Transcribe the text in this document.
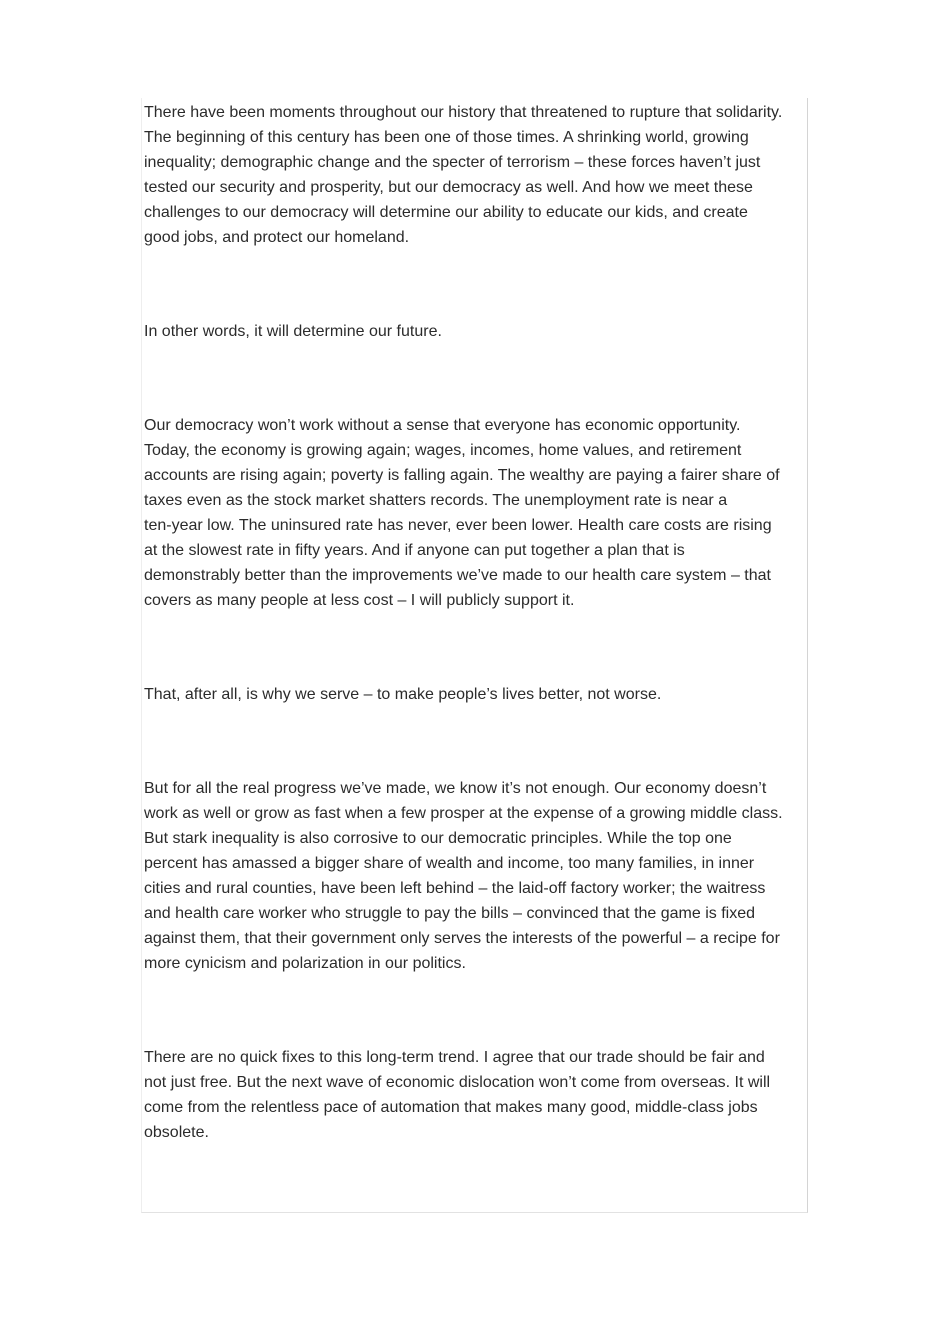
There have been moments throughout our history that threatened to rupture that solidarity.
The beginning of this century has been one of those times. A shrinking world, growing
inequality; demographic change and the specter of terrorism – these forces haven’t just
tested our security and prosperity, but our democracy as well. And how we meet these
challenges to our democracy will determine our ability to educate our kids, and create
good jobs, and protect our homeland.

In other words, it will determine our future.

Our democracy won’t work without a sense that everyone has economic opportunity.
Today, the economy is growing again; wages, incomes, home values, and retirement
accounts are rising again; poverty is falling again. The wealthy are paying a fairer share of
taxes even as the stock market shatters records. The unemployment rate is near a
ten-year low. The uninsured rate has never, ever been lower. Health care costs are rising
at the slowest rate in fifty years. And if anyone can put together a plan that is
demonstrably better than the improvements we’ve made to our health care system – that
covers as many people at less cost – I will publicly support it.

That, after all, is why we serve – to make people’s lives better, not worse.

But for all the real progress we’ve made, we know it’s not enough. Our economy doesn’t
work as well or grow as fast when a few prosper at the expense of a growing middle class.
But stark inequality is also corrosive to our democratic principles. While the top one
percent has amassed a bigger share of wealth and income, too many families, in inner
cities and rural counties, have been left behind – the laid-off factory worker; the waitress
and health care worker who struggle to pay the bills – convinced that the game is fixed
against them, that their government only serves the interests of the powerful – a recipe for
more cynicism and polarization in our politics.

There are no quick fixes to this long-term trend. I agree that our trade should be fair and
not just free. But the next wave of economic dislocation won’t come from overseas. It will
come from the relentless pace of automation that makes many good, middle-class jobs
obsolete.
